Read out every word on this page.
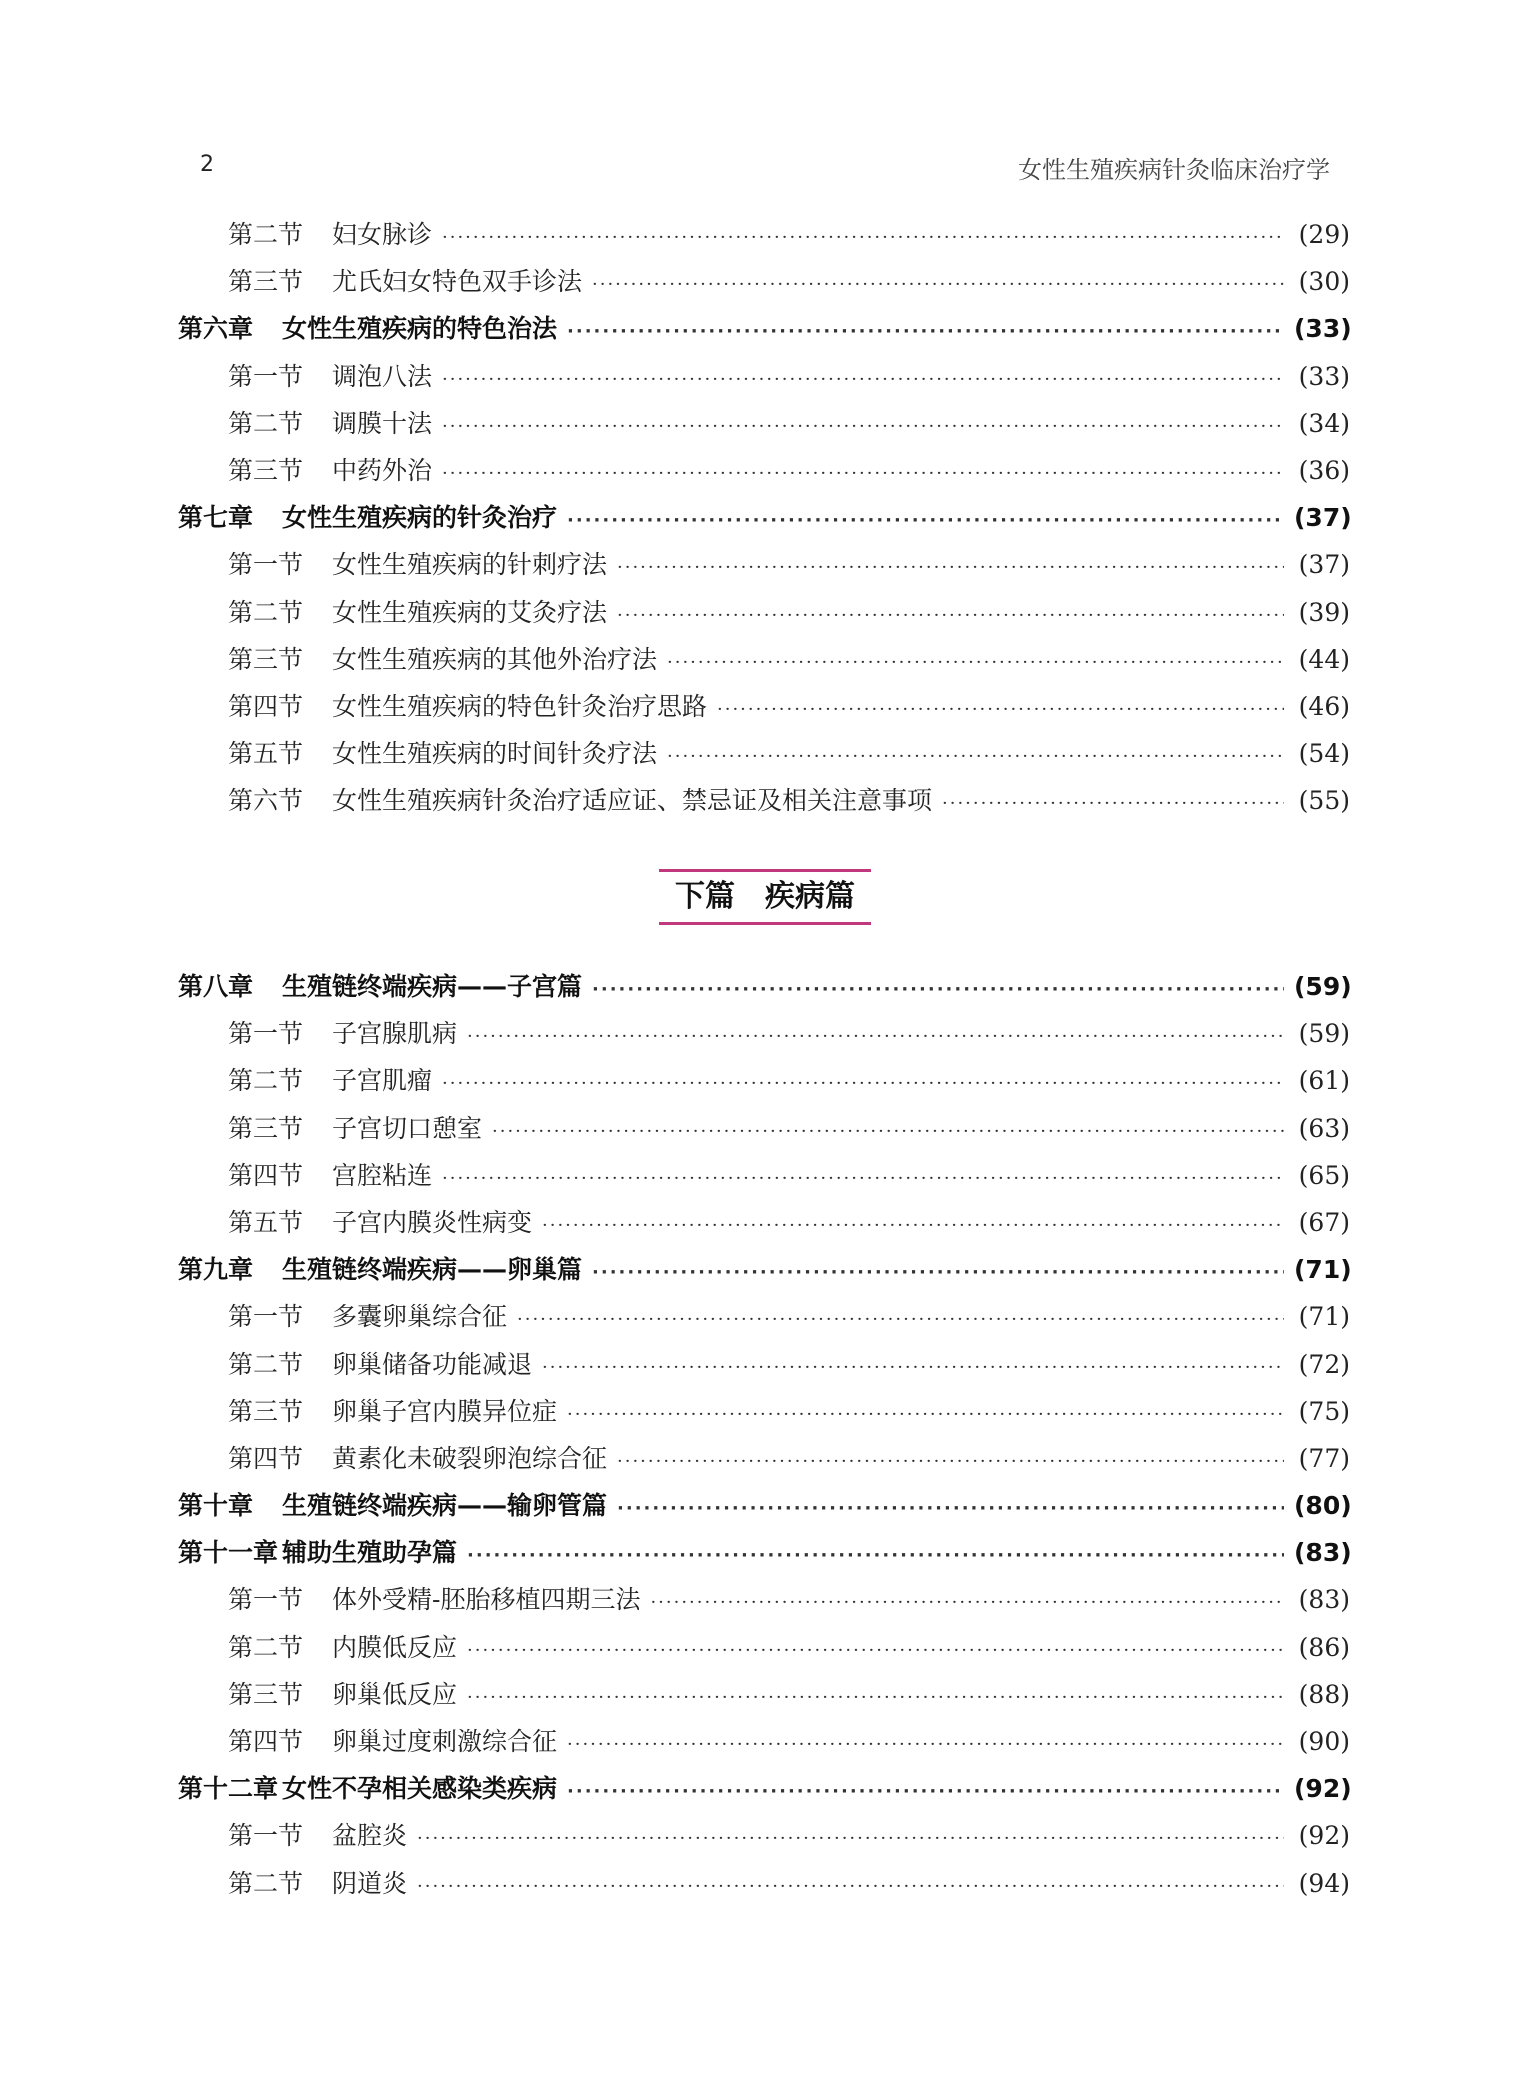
2	女性生殖疾病针灸临床治疗学
第二节	妇女脉诊 ·····	(29)
第三节	尤氏妇女特色双手诊法 ·····	(30)
第六章	女性生殖疾病的特色治法 ·····	(33)
第一节	调泡八法 ·····	(33)
第二节	调膜十法 ·····	(34)
第三节	中药外治 ·····	(36)
第七章	女性生殖疾病的针灸治疗 ·····	(37)
第一节	女性生殖疾病的针刺疗法 ·····	(37)
第二节	女性生殖疾病的艾灸疗法 ·····	(39)
第三节	女性生殖疾病的其他外治疗法 ·····	(44)
第四节	女性生殖疾病的特色针灸治疗思路 ·····	(46)
第五节	女性生殖疾病的时间针灸疗法 ·····	(54)
第六节	女性生殖疾病针灸治疗适应证、禁忌证及相关注意事项 ·····	(55)
下篇　疾病篇
第八章	生殖链终端疾病——子宫篇 ·····	(59)
第一节	子宫腺肌病 ·····	(59)
第二节	子宫肌瘤 ·····	(61)
第三节	子宫切口憩室 ·····	(63)
第四节	宫腔粘连 ·····	(65)
第五节	子宫内膜炎性病变 ·····	(67)
第九章	生殖链终端疾病——卵巢篇 ·····	(71)
第一节	多囊卵巢综合征 ·····	(71)
第二节	卵巢储备功能减退 ·····	(72)
第三节	卵巢子宫内膜异位症 ·····	(75)
第四节	黄素化未破裂卵泡综合征 ·····	(77)
第十章	生殖链终端疾病——输卵管篇 ·····	(80)
第十一章 辅助生殖助孕篇 ·····	(83)
第一节	体外受精-胚胎移植四期三法 ·····	(83)
第二节	内膜低反应 ·····	(86)
第三节	卵巢低反应 ·····	(88)
第四节	卵巢过度刺激综合征 ·····	(90)
第十二章 女性不孕相关感染类疾病 ·····	(92)
第一节	盆腔炎 ·····	(92)
第二节	阴道炎 ·····	(94)
